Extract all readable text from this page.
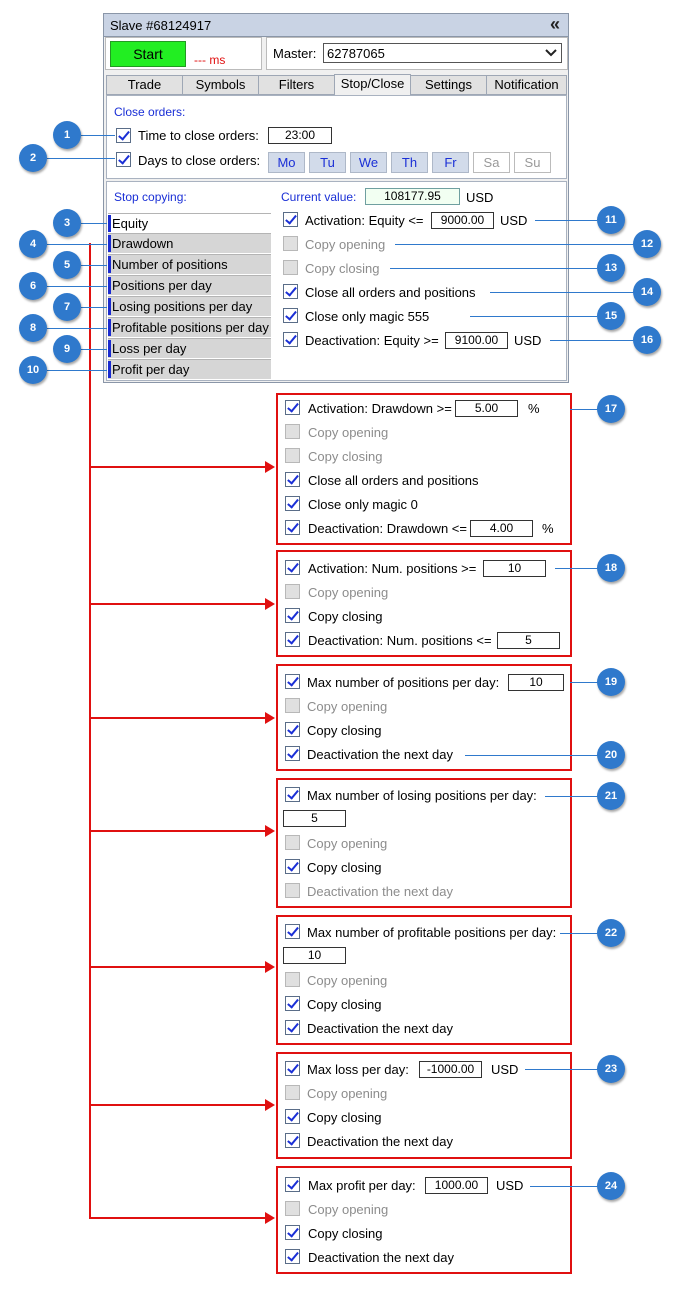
Slave #68124917	«
Start	--- ms	Master: 62787065
Trade	Symbols	Filters	Stop/Close	Settings	Notification
Close orders:
Time to close orders:	23:00
Days to close orders:	Mo	Tu	We	Th	Fr	Sa	Su
Stop copying:
Equity
Drawdown
Number of positions
Positions per day
Losing positions per day
Profitable positions per day
Loss per day
Profit per day
Current value:	108177.95	USD
Activation: Equity <=	9000.00	USD
Copy opening
Copy closing
Close all orders and positions
Close only magic 555
Deactivation: Equity >=	9100.00	USD
Activation: Drawdown >=	5.00	%
Copy opening
Copy closing
Close all orders and positions
Close only magic 0
Deactivation: Drawdown <=	4.00	%
Activation: Num. positions >=	10
Copy opening
Copy closing
Deactivation: Num. positions <=	5
Max number of positions per day:	10
Copy opening
Copy closing
Deactivation the next day
Max number of losing positions per day:
5
Copy opening
Copy closing
Deactivation the next day
Max number of profitable positions per day:
10
Copy opening
Copy closing
Deactivation the next day
Max loss per day:	-1000.00	USD
Copy opening
Copy closing
Deactivation the next day
Max profit per day:	1000.00	USD
Copy opening
Copy closing
Deactivation the next day
1
2
3
4
5
6
7
8
9
10
11
12
13
14
15
16
17
18
19
20
21
22
23
24
